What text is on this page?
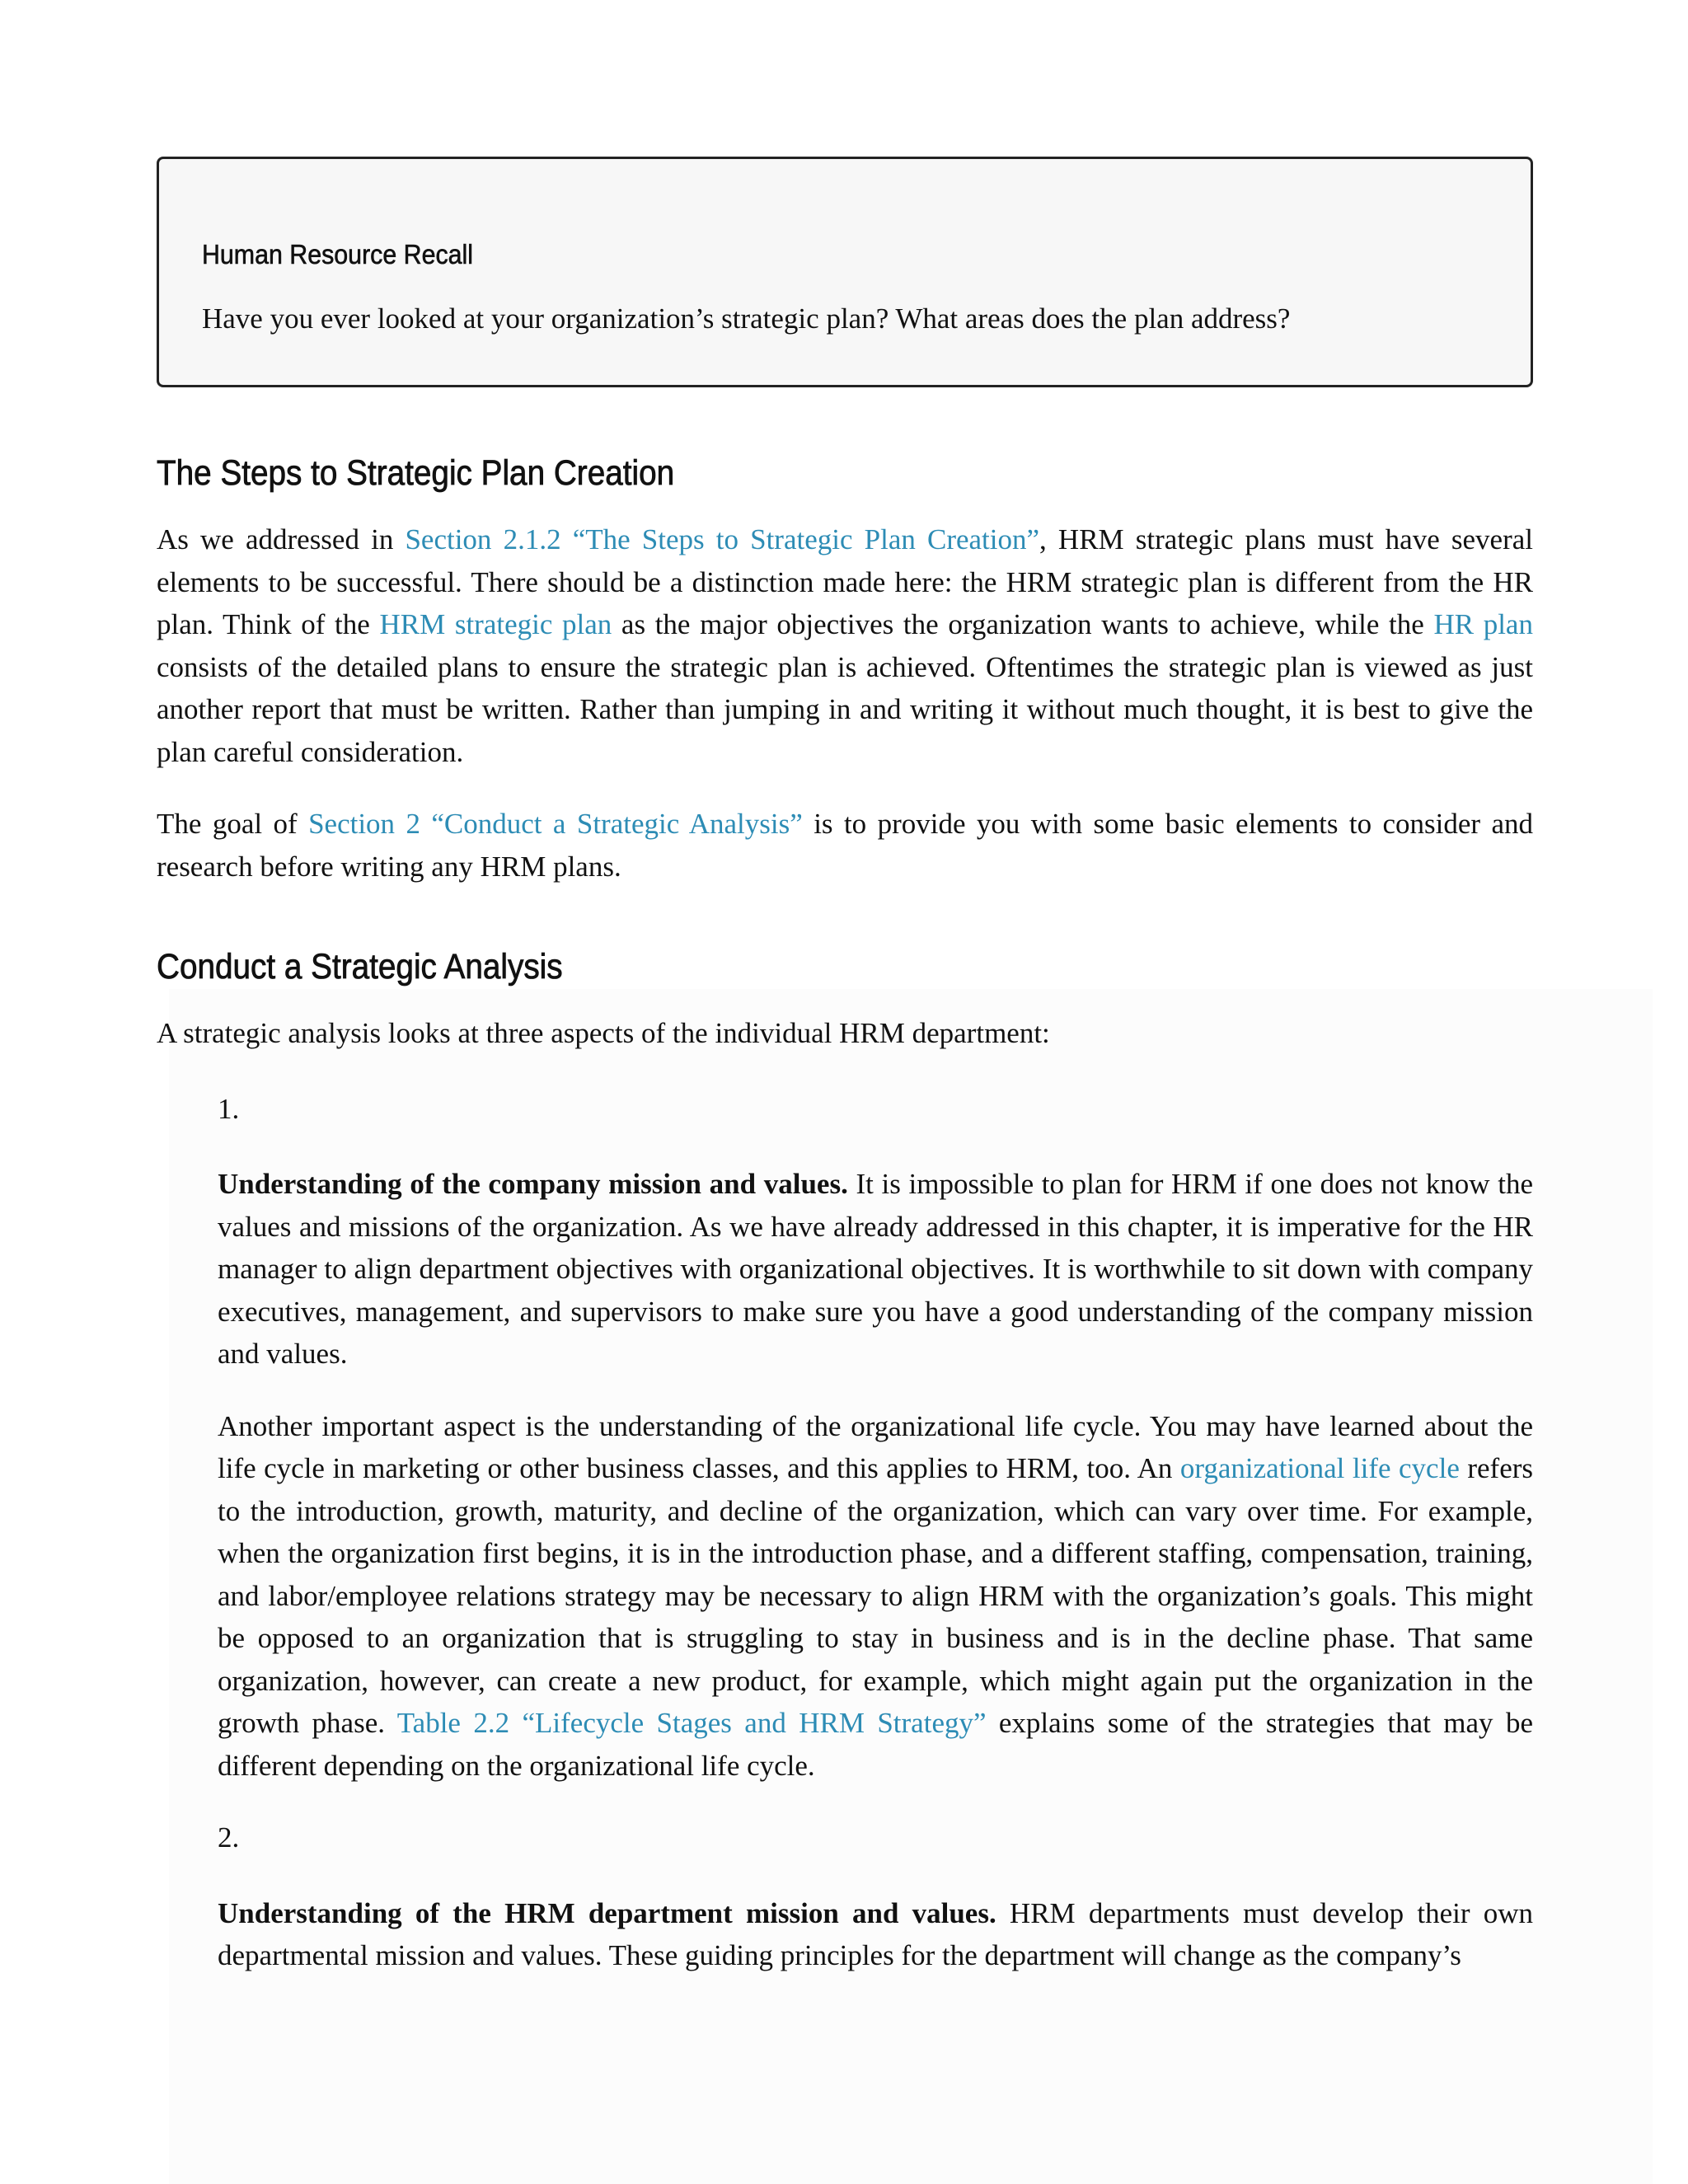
Human Resource Recall

Have you ever looked at your organization’s strategic plan? What areas does the plan address?

The Steps to Strategic Plan Creation

As we addressed in Section 2.1.2 “The Steps to Strategic Plan Creation”, HRM strategic plans must have several elements to be successful. There should be a distinction made here: the HRM strategic plan is different from the HR plan. Think of the HRM strategic plan as the major objectives the organization wants to achieve, while the HR plan consists of the detailed plans to ensure the strategic plan is achieved. Oftentimes the strategic plan is viewed as just another report that must be written. Rather than jumping in and writing it without much thought, it is best to give the plan careful consideration.

The goal of Section 2 “Conduct a Strategic Analysis” is to provide you with some basic elements to consider and research before writing any HRM plans.

Conduct a Strategic Analysis

A strategic analysis looks at three aspects of the individual HRM department:

1.

Understanding of the company mission and values. It is impossible to plan for HRM if one does not know the values and missions of the organization. As we have already addressed in this chapter, it is imperative for the HR manager to align department objectives with organizational objectives. It is worthwhile to sit down with company executives, management, and supervisors to make sure you have a good understanding of the company mission and values.

Another important aspect is the understanding of the organizational life cycle. You may have learned about the life cycle in marketing or other business classes, and this applies to HRM, too. An organizational life cycle refers to the introduction, growth, maturity, and decline of the organization, which can vary over time. For example, when the organization first begins, it is in the introduction phase, and a different staffing, compensation, training, and labor/employee relations strategy may be necessary to align HRM with the organization’s goals. This might be opposed to an organization that is struggling to stay in business and is in the decline phase. That same organization, however, can create a new product, for example, which might again put the organization in the growth phase. Table 2.2 “Lifecycle Stages and HRM Strategy” explains some of the strategies that may be different depending on the organizational life cycle.

2.

Understanding of the HRM department mission and values. HRM departments must develop their own departmental mission and values. These guiding principles for the department will change as the company’s
